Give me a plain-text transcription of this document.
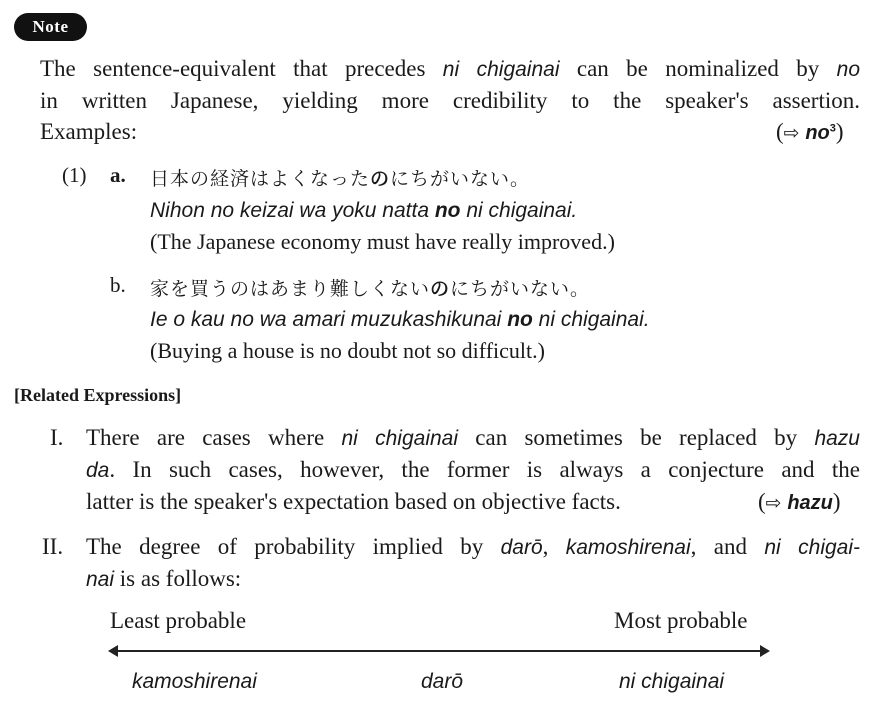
Note
The sentence-equivalent that precedes ni chigainai can be nominalized by no
in written Japanese, yielding more credibility to the speaker's assertion.
Examples:	(⇨ $no^3$)
(1) a. 日本の経済はよくなったのにちがいない。
Nihon no keizai wa yoku natta no ni chigainai.
(The Japanese economy must have really improved.)
b. 家を買うのはあまり難しくないのにちがいない。
Ie o kau no wa amari muzukashikunai no ni chigainai.
(Buying a house is no doubt not so difficult.)
[Related Expressions]
I. There are cases where ni chigainai can sometimes be replaced by hazu
da. In such cases, however, the former is always a conjecture and the
latter is the speaker's expectation based on objective facts.	(⇨ hazu)
II. The degree of probability implied by darō, kamoshirenai, and ni chigai-
nai is as follows:
Least probable	Most probable
kamoshirenai	darō	ni chigainai
